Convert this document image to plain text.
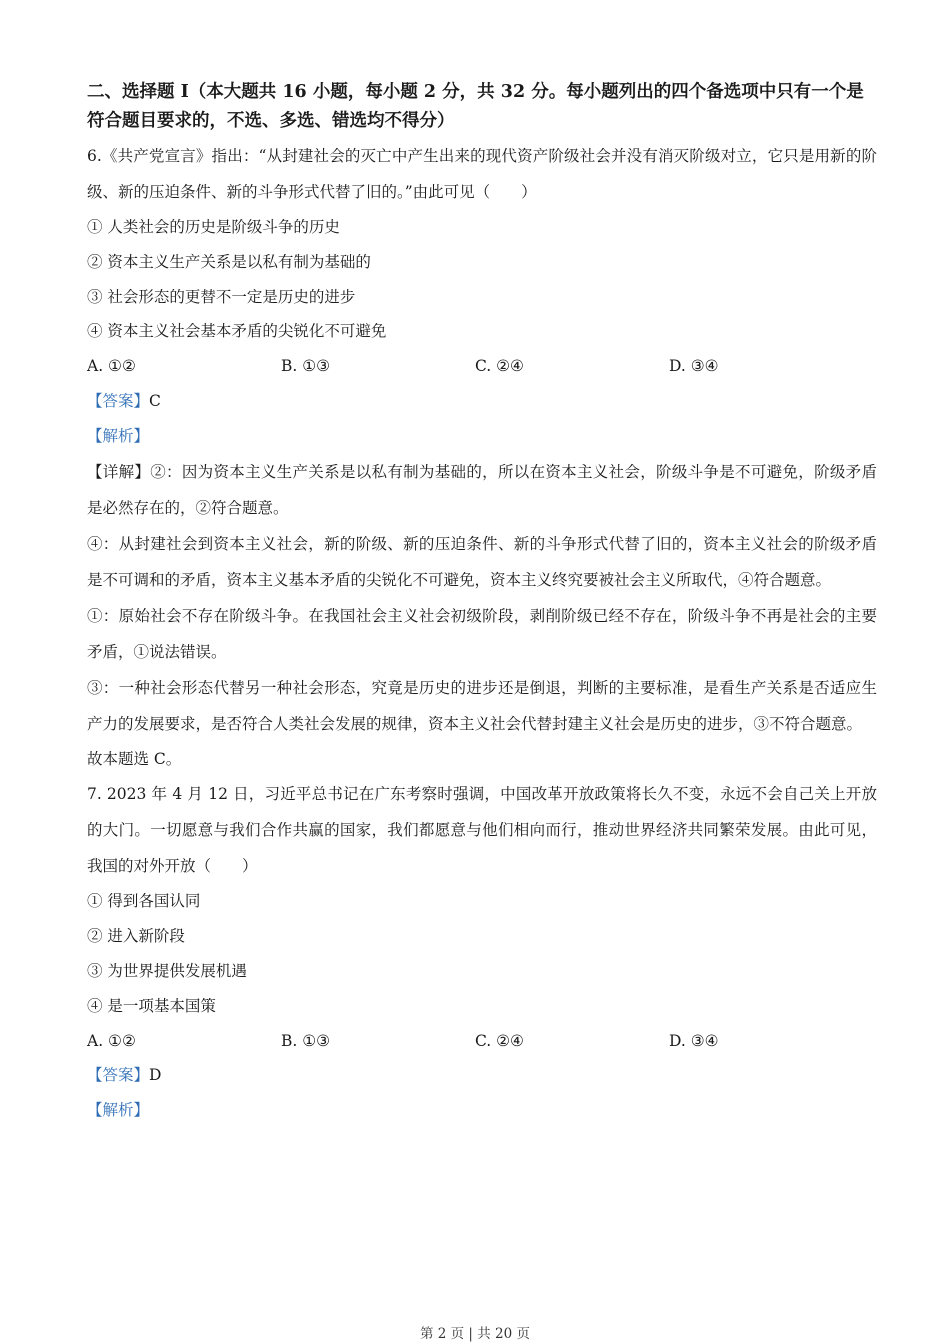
二、选择题 I（本大题共 16 小题，每小题 2 分，共 32 分。每小题列出的四个备选项中只有一个是符合题目要求的，不选、多选、错选均不得分）
6.《共产党宣言》指出：“从封建社会的灭亡中产生出来的现代资产阶级社会并没有消灭阶级对立，它只是用新的阶级、新的压迫条件、新的斗争形式代替了旧的。”由此可见（　　）
① 人类社会的历史是阶级斗争的历史
② 资本主义生产关系是以私有制为基础的
③ 社会形态的更替不一定是历史的进步
④ 资本主义社会基本矛盾的尖锐化不可避免
A. ①②	B. ①③	C. ②④	D. ③④
【答案】C
【解析】
【详解】②：因为资本主义生产关系是以私有制为基础的，所以在资本主义社会，阶级斗争是不可避免，阶级矛盾是必然存在的，②符合题意。
④：从封建社会到资本主义社会，新的阶级、新的压迫条件、新的斗争形式代替了旧的，资本主义社会的阶级矛盾是不可调和的矛盾，资本主义基本矛盾的尖锐化不可避免，资本主义终究要被社会主义所取代，④符合题意。
①：原始社会不存在阶级斗争。在我国社会主义社会初级阶段，剥削阶级已经不存在，阶级斗争不再是社会的主要矛盾，①说法错误。
③：一种社会形态代替另一种社会形态，究竟是历史的进步还是倒退，判断的主要标准，是看生产关系是否适应生产力的发展要求，是否符合人类社会发展的规律，资本主义社会代替封建主义社会是历史的进步，③不符合题意。
故本题选 C。
7. 2023 年 4 月 12 日，习近平总书记在广东考察时强调，中国改革开放政策将长久不变，永远不会自己关上开放的大门。一切愿意与我们合作共赢的国家，我们都愿意与他们相向而行，推动世界经济共同繁荣发展。由此可见，我国的对外开放（　　）
① 得到各国认同
② 进入新阶段
③ 为世界提供发展机遇
④ 是一项基本国策
A. ①②	B. ①③	C. ②④	D. ③④
【答案】D
【解析】
第 2 页 | 共 20 页
